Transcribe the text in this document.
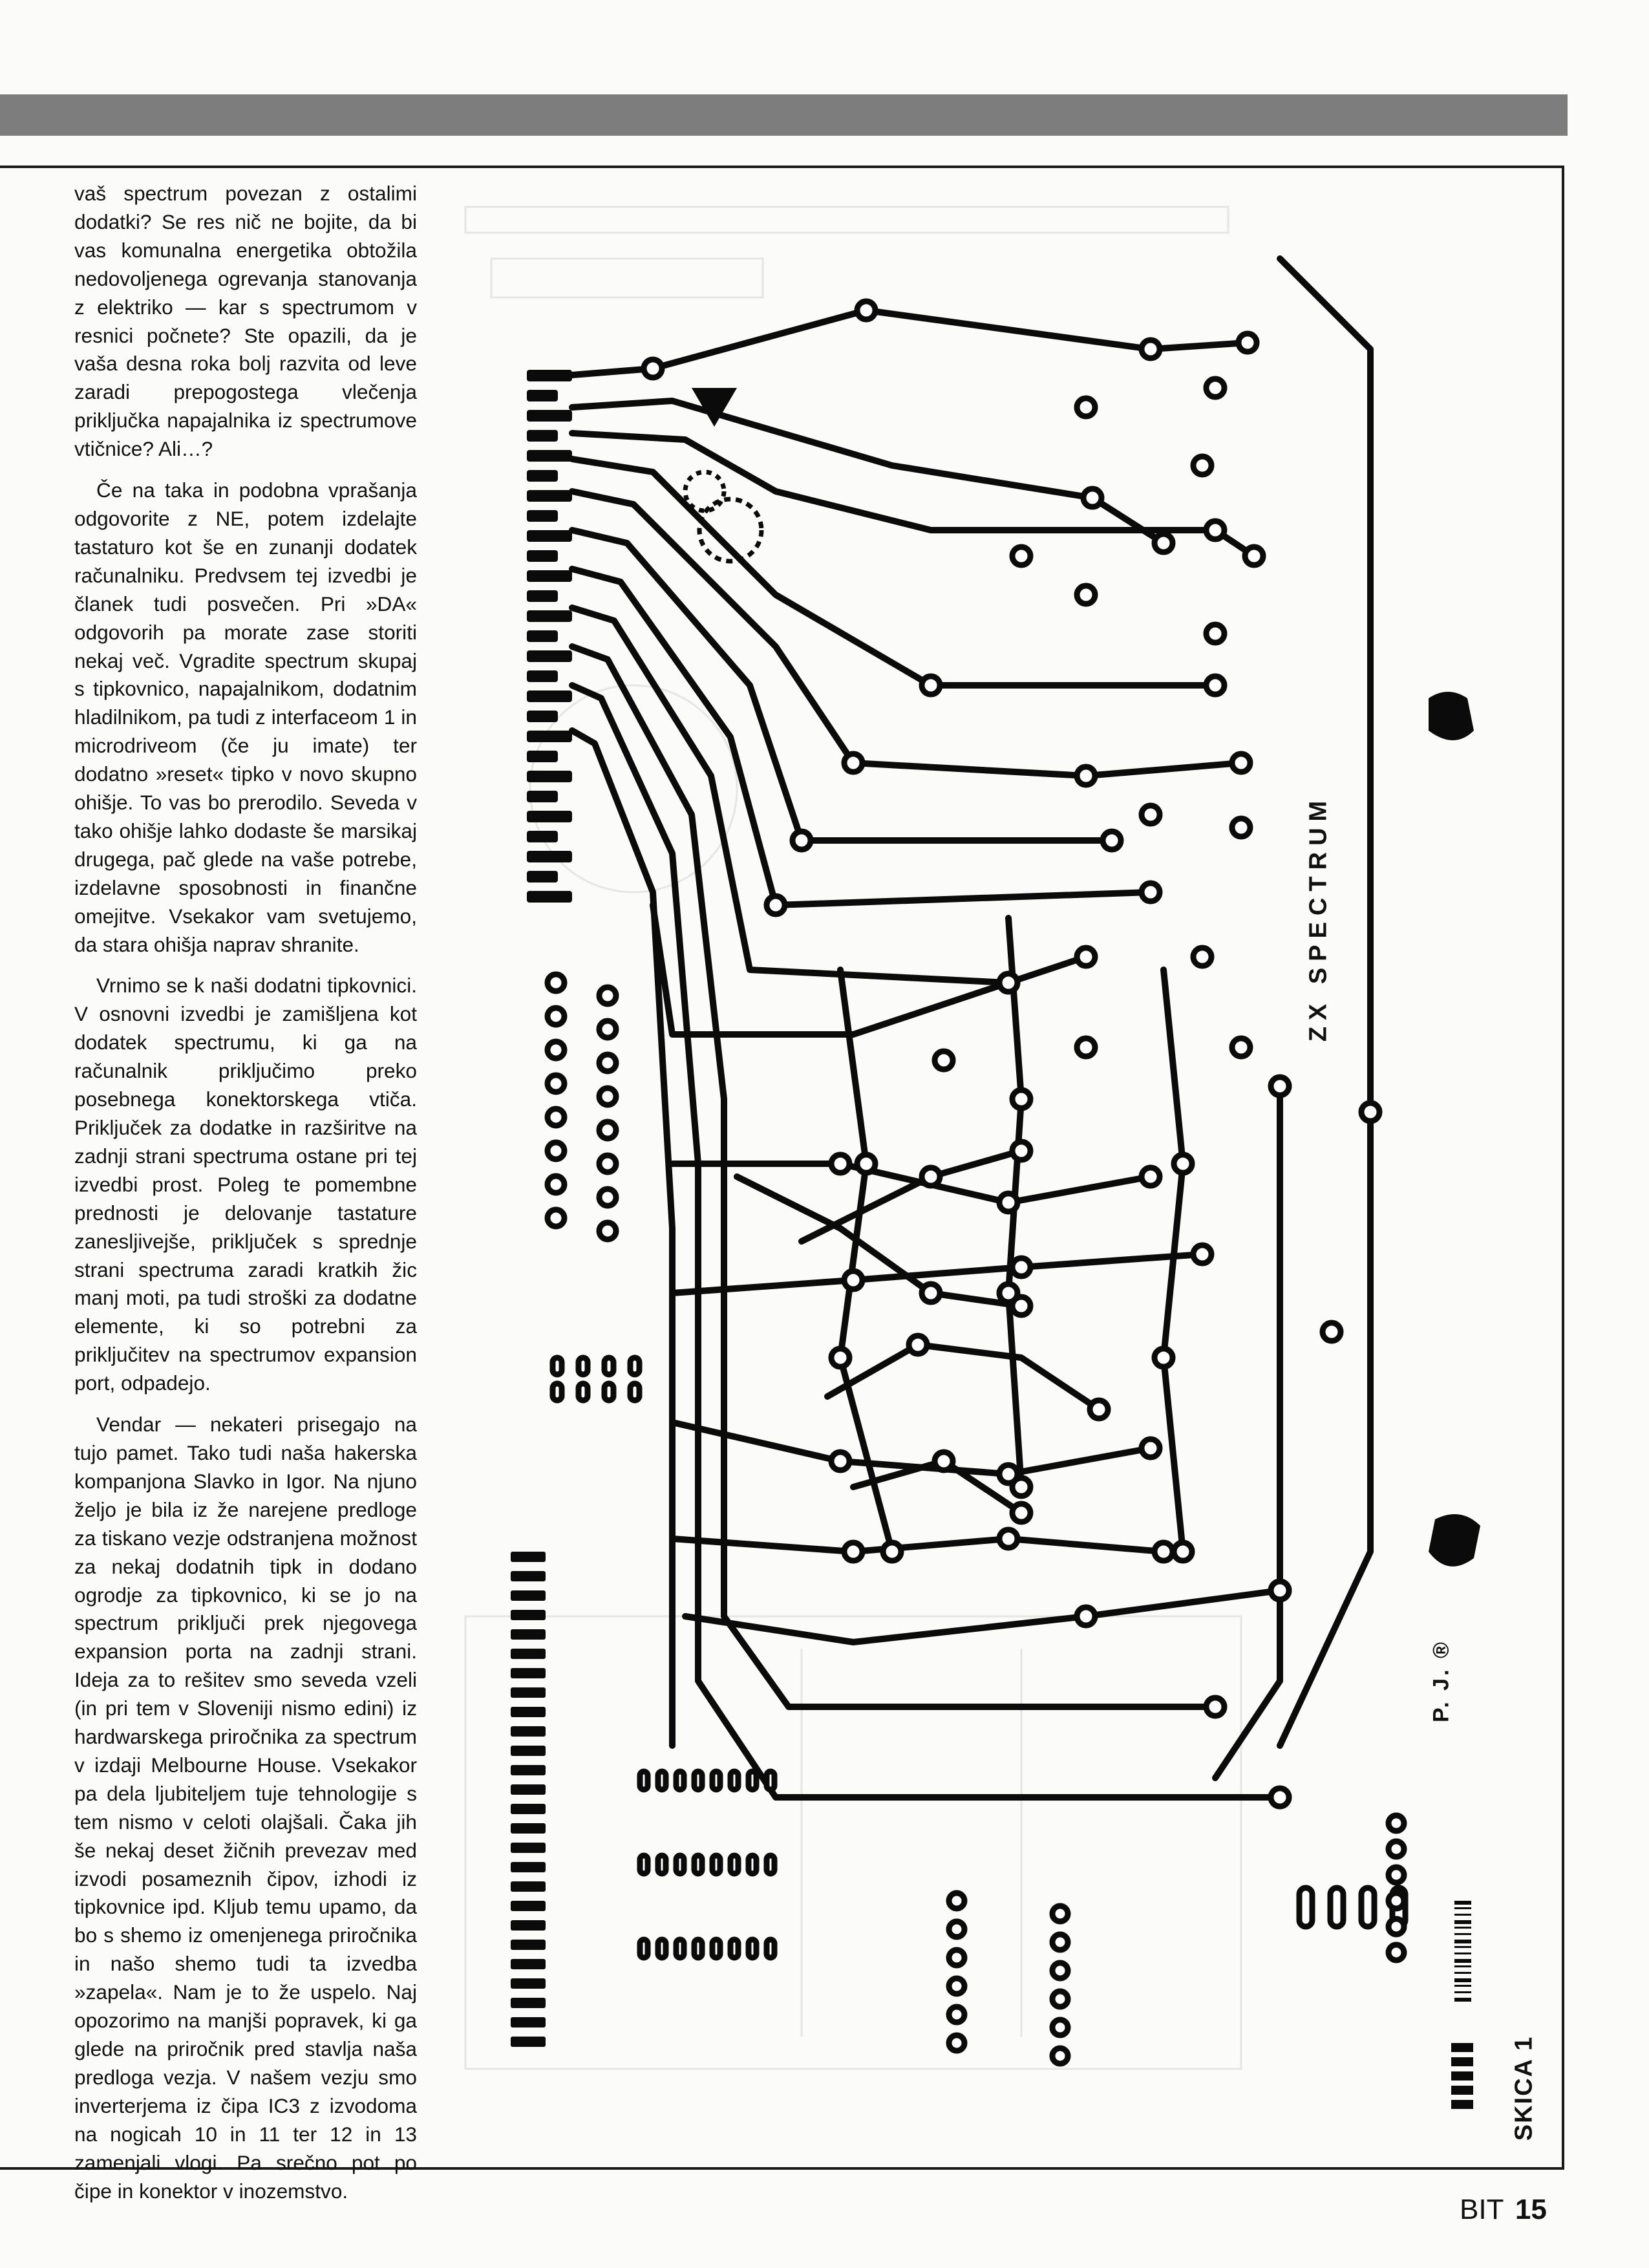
vaš spectrum povezan z ostalimi dodatki? Se res nič ne bojite, da bi vas komunalna energetika obtožila nedovoljenega ogrevanja stanovanja z elektriko — kar s spectrumom v resnici počnete? Ste opazili, da je vaša desna roka bolj razvita od leve zaradi prepogostega vlečenja priključka napajalnika iz spectrumove vtičnice? Ali…?

Če na taka in podobna vprašanja odgovorite z NE, potem izdelajte tastaturo kot še en zunanji dodatek računalniku. Predvsem tej izvedbi je članek tudi posvečen. Pri »DA« odgovorih pa morate zase storiti nekaj več. Vgradite spectrum skupaj s tipkovnico, napajalnikom, dodatnim hladilnikom, pa tudi z interfaceom 1 in microdriveom (če ju imate) ter dodatno »reset« tipko v novo skupno ohišje. To vas bo prerodilo. Seveda v tako ohišje lahko dodaste še marsikaj drugega, pač glede na vaše potrebe, izdelavne sposobnosti in finančne omejitve. Vsekakor vam svetujemo, da stara ohišja naprav shranite.

Vrnimo se k naši dodatni tipkovnici. V osnovni izvedbi je zamišljena kot dodatek spectrumu, ki ga na računalnik priključimo preko posebnega konektorskega vtiča. Priključek za dodatke in razširitve na zadnji strani spectruma ostane pri tej izvedbi prost. Poleg te pomembne prednosti je delovanje tastature zanesljivejše, priključek s sprednje strani spectruma zaradi kratkih žic manj moti, pa tudi stroški za dodatne elemente, ki so potrebni za priključitev na spectrumov expansion port, odpadejo.

Vendar — nekateri prisegajo na tujo pamet. Tako tudi naša hakerska kompanjona Slavko in Igor. Na njuno željo je bila iz že narejene predloge za tiskano vezje odstranjena možnost za nekaj dodatnih tipk in dodano ogrodje za tipkovnico, ki se jo na spectrum priključi prek njegovega expansion porta na zadnji strani. Ideja za to rešitev smo seveda vzeli (in pri tem v Sloveniji nismo edini) iz hardwarskega priročnika za spectrum v izdaji Melbourne House. Vsekakor pa dela ljubiteljem tuje tehnologije s tem nismo v celoti olajšali. Čaka jih še nekaj deset žičnih prevezav med izvodi posameznih čipov, izhodi iz tipkovnice ipd. Kljub temu upamo, da bo s shemo iz omenjenega priročnika in našo shemo tudi ta izvedba »zapela«. Nam je to že uspelo. Naj opozorimo na manjši popravek, ki ga glede na priročnik pred stavlja naša predloga vezja. V našem vezju smo inverterjema iz čipa IC3 z izvodoma na nogicah 10 in 11 ter 12 in 13 zamenjali vlogi. Pa srečno pot po čipe in konektor v inozemstvo.

ZX SPECTRUM
P. J. ®
SKICA 1
BIT 15
